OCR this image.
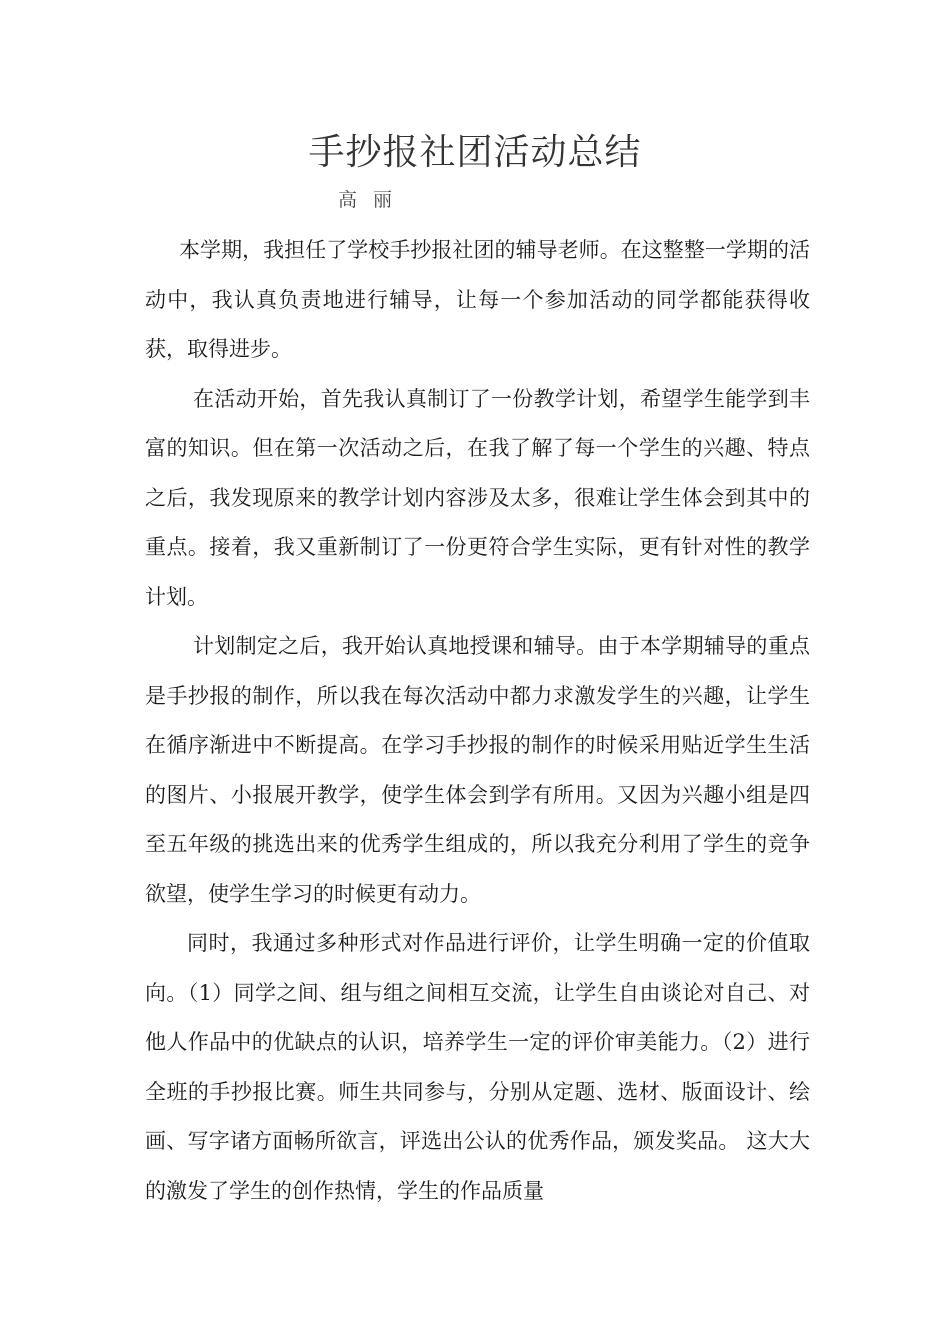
手抄报社团活动总结
高丽

本学期，我担任了学校手抄报社团的辅导老师。在这整整一学期的活动中，我认真负责地进行辅导，让每一个参加活动的同学都能获得收获，取得进步。

在活动开始，首先我认真制订了一份教学计划，希望学生能学到丰富的知识。但在第一次活动之后，在我了解了每一个学生的兴趣、特点之后，我发现原来的教学计划内容涉及太多，很难让学生体会到其中的重点。接着，我又重新制订了一份更符合学生实际，更有针对性的教学计划。

计划制定之后，我开始认真地授课和辅导。由于本学期辅导的重点是手抄报的制作，所以我在每次活动中都力求激发学生的兴趣，让学生在循序渐进中不断提高。在学习手抄报的制作的时候采用贴近学生生活的图片、小报展开教学，使学生体会到学有所用。又因为兴趣小组是四至五年级的挑选出来的优秀学生组成的，所以我充分利用了学生的竞争欲望，使学生学习的时候更有动力。

同时，我通过多种形式对作品进行评价，让学生明确一定的价值取向。（1）同学之间、组与组之间相互交流，让学生自由谈论对自己、对他人作品中的优缺点的认识，培养学生一定的评价审美能力。（2）进行全班的手抄报比赛。师生共同参与，分别从定题、选材、版面设计、绘画、写字诸方面畅所欲言，评选出公认的优秀作品，颁发奖品。 这大大的激发了学生的创作热情，学生的作品质量
